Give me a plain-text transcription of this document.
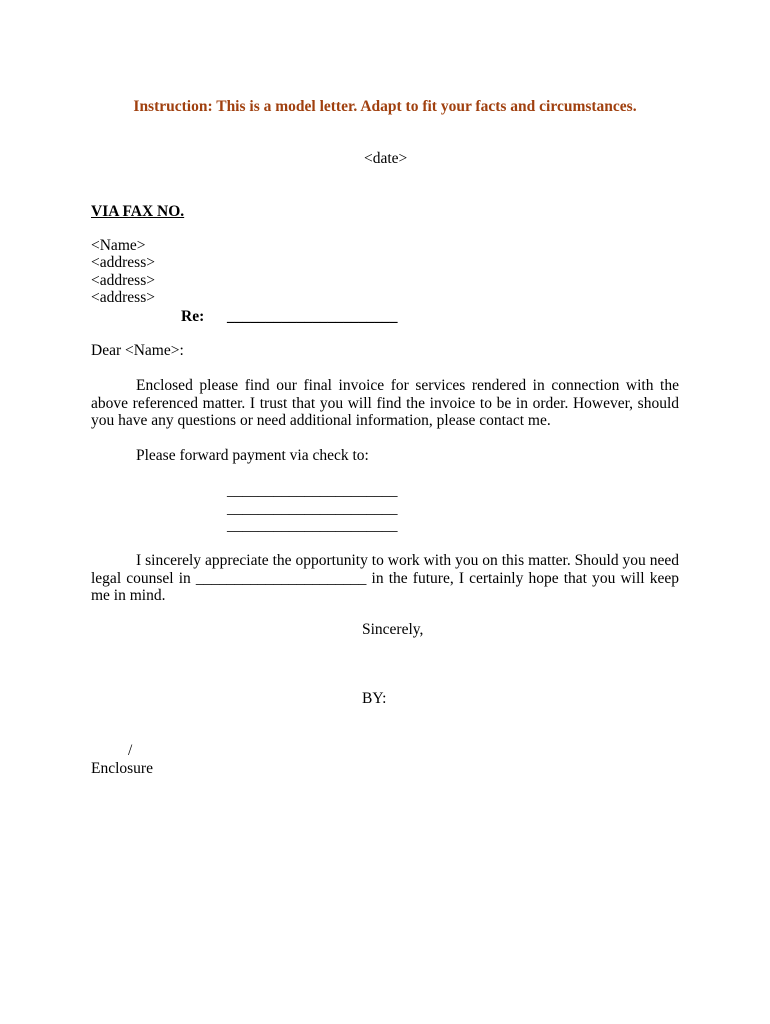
Instruction: This is a model letter. Adapt to fit your facts and circumstances.
<date>
VIA FAX NO.
<Name>
<address>
<address>
<address>
Re: ______________________
Dear <Name>:
Enclosed please find our final invoice for services rendered in connection with the above referenced matter. I trust that you will find the invoice to be in order. However, should you have any questions or need additional information, please contact me.
Please forward payment via check to:
______________________
______________________
______________________
I sincerely appreciate the opportunity to work with you on this matter. Should you need legal counsel in ______________________ in the future, I certainly hope that you will keep me in mind.
Sincerely,
BY:
/
Enclosure
